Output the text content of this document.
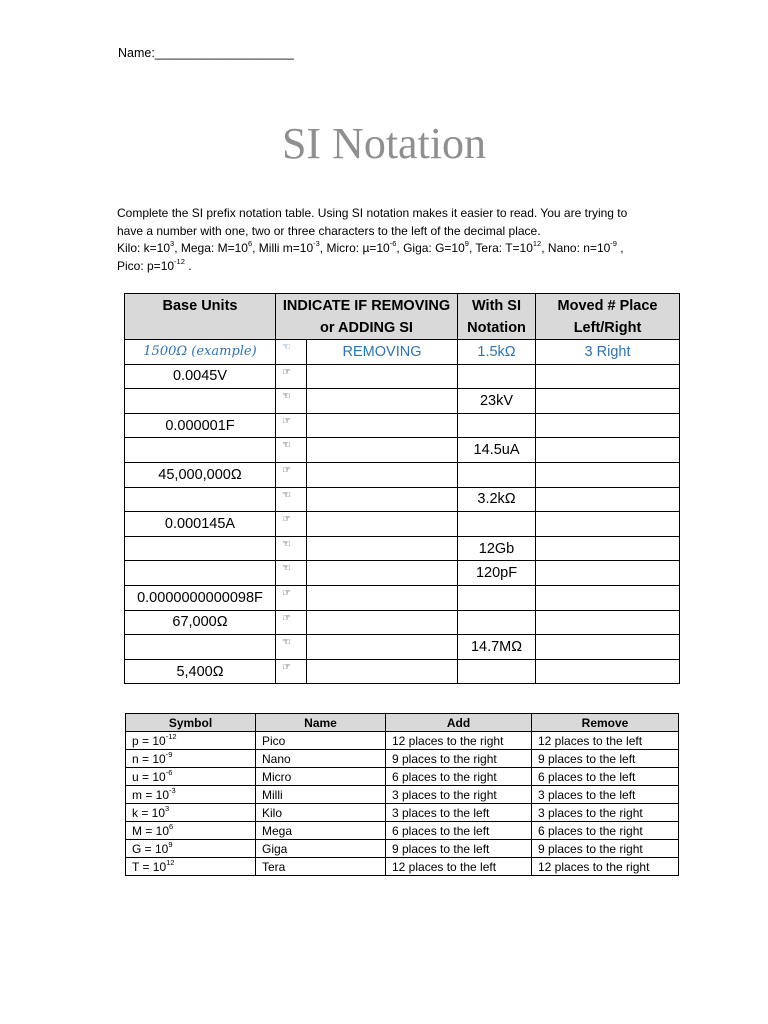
Name:____________________
SI Notation

Complete the SI prefix notation table. Using SI notation makes it easier to read. You are trying to

have a number with one, two or three characters to the left of the decimal place.

Kilo: $k=10^3$, Mega: $M=10^6$, Milli $m=10^{-3}$, Micro: $\mu=10^{-6}$, Giga: $G=10^9$, Tera: $T=10^{12}$, Nano: $n=10^{-9}$ ,

Pico: $p=10^{-12}$ .

Base Units	INDICATE IF REMOVING or ADDING SI		With SI Notation	Moved # Place Left/Right
1500Ω (example)	☜	REMOVING	1.5kΩ	3 Right
0.0045V	☞			
	☜		23kV	
0.000001F	☞			
	☜		14.5uA	
45,000,000Ω	☞			
	☜		3.2kΩ	
0.000145A	☞			
	☜		12Gb	
	☜		120pF	
0.0000000000098F	☞			
67,000Ω	☞			
	☜		14.7MΩ	
5,400Ω	☞			
Symbol	Name	Add	Remove
$p = 10^{-12}$	Pico	12 places to the right	12 places to the left
$n = 10^{-9}$	Nano	9 places to the right	9 places to the left
$u = 10^{-6}$	Micro	6 places to the right	6 places to the left
$m = 10^{-3}$	Milli	3 places to the right	3 places to the left
$k = 10^3$	Kilo	3 places to the left	3 places to the right
$M = 10^6$	Mega	6 places to the left	6 places to the right
$G = 10^9$	Giga	9 places to the left	9 places to the right
$T = 10^{12}$	Tera	12 places to the left	12 places to the right
